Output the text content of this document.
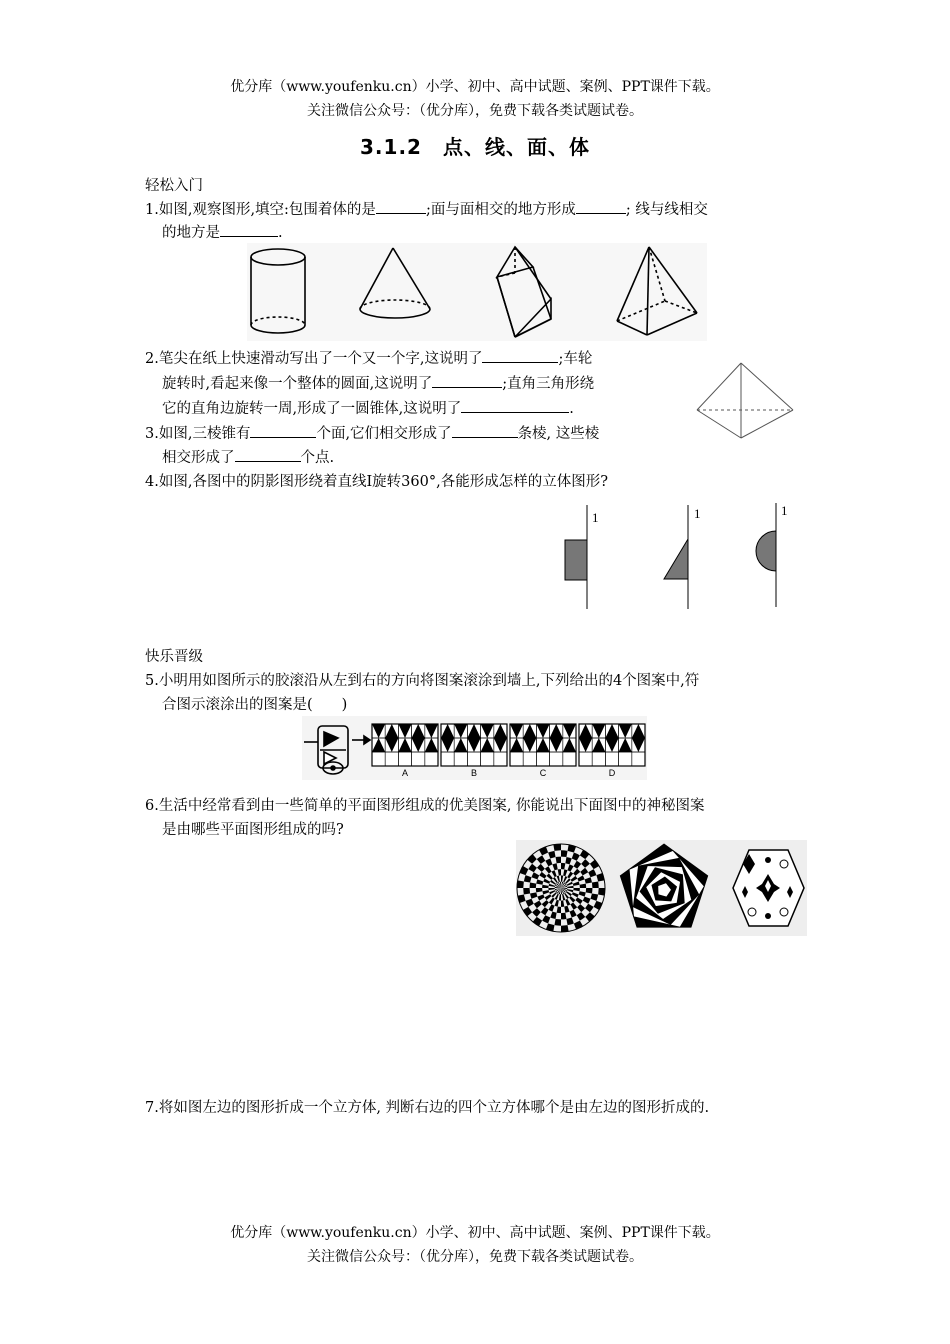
优分库（www.youfenku.cn）小学、初中、高中试题、案例、PPT课件下载。
关注微信公众号：（优分库），免费下载各类试题试卷。
3.1.2　点、线、面、体
轻松入门
1.如图,观察图形,填空:包围着体的是	;面与面相交的地方形成	; 线与线相交
的地方是	.
2.笔尖在纸上快速滑动写出了一个又一个字,这说明了	;车轮
旋转时,看起来像一个整体的圆面,这说明了	;直角三角形绕
它的直角边旋转一周,形成了一圆锥体,这说明了	.
3.如图,三棱锥有	个面,它们相交形成了	条棱, 这些棱
相交形成了	个点.
4.如图,各图中的阴影图形绕着直线Ⅰ旋转360°,各能形成怎样的立体图形?
1	1	1
快乐晋级
5.小明用如图所示的胶滚沿从左到右的方向将图案滚涂到墙上,下列给出的4个图案中,符
合图示滚涂出的图案是(　　)
A	B	C	D
6.生活中经常看到由一些简单的平面图形组成的优美图案, 你能说出下面图中的神秘图案
是由哪些平面图形组成的吗?
7.将如图左边的图形折成一个立方体, 判断右边的四个立方体哪个是由左边的图形折成的.
优分库（www.youfenku.cn）小学、初中、高中试题、案例、PPT课件下载。
关注微信公众号：（优分库），免费下载各类试题试卷。
